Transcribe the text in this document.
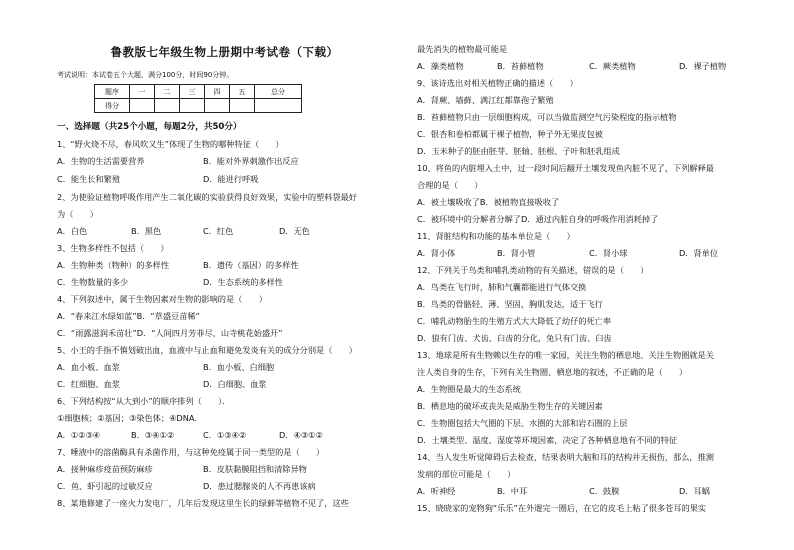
鲁教版七年级生物上册期中考试卷（下载）
考试说明：本试卷五个大题，满分100分，时间90分钟。
题序	一	二	三	四	五	总分
得分						
一、选择题（共25个小题，每题2分，共50分）
1、“野火烧不尽，春风吹又生”体现了生物的哪种特征（　　）
A．生物的生活需要营养	B．能对外界刺激作出反应
C．能生长和繁殖	D．能进行呼吸
2、为使验证植物呼吸作用产生二氧化碳的实验获得良好效果，实验中的塑料袋最好
为（　　）
A．白色	B．黑色	C．红色	D．无色
3、生物多样性不包括（　　）
A．生物种类（物种）的多样性	B．遗传（基因）的多样性
C．生物数量的多少	D．生态系统的多样性
4、下列叙述中，属于生物因素对生物的影响的是（　　）
A．“春来江水绿如蓝”B．“草盛豆苗稀”
C．“雨露滋润禾苗壮”D．“人间四月芳菲尽，山寺桃花始盛开”
5、小王的手指不慎划破出血，血液中与止血和避免发炎有关的成分分别是（　　）
A．血小板、血浆	B．血小板、白细胞
C．红细胞、血浆	D．白细胞、血浆
6、下列结构按“从大到小”的顺序排列（　　）．
①细胞核；②基因；③染色体；④DNA．
A．①②③④	B．③④①②	C．①③④②	D．④③①②
7、唾液中的溶菌酶具有杀菌作用，与这种免疫属于同一类型的是（　　）
A．接种麻疹疫苗预防麻疹	B．皮肤黏膜阻挡和清除异物
C．鱼、虾引起的过敏反应	D．患过腮腺炎的人不再患该病
8、某地修建了一座火力发电厂，几年后发现这里生长的绿藓等植物不见了，这些
最先消失的植物最可能是
A．藻类植物	B．苔藓植物	C．蕨类植物	D．裸子植物
9、该诗选出对相关植物正确的描述（　　）
A．肾蕨、墙藓、满江红都靠孢子繁殖
B．苔藓植物只由一层细胞构成，可以当做监测空气污染程度的指示植物
C．银杏和卷柏都属于裸子植物，种子外无果皮包被
D．玉米种子的胚由胚芽、胚轴、胚根、子叶和胚乳组成
10、将鱼的内脏埋入土中，过一段时间后翻开土壤发现鱼内脏不见了，下列解释最
合理的是（　　）
A．被土壤吸收了B．被植物直接吸收了
C．被环境中的分解者分解了D．通过内脏自身的呼吸作用消耗掉了
11、肾脏结构和功能的基本单位是（　　）
A．肾小体	B．肾小管	C．肾小球	D．肾单位
12、下列关于鸟类和哺乳类动物的有关描述，错误的是（　　）
A．鸟类在飞行时，肺和气囊都能进行气体交换
B．鸟类的骨骼轻、薄、坚固，胸肌发达，适于飞行
C．哺乳动物胎生的生殖方式大大降低了幼仔的死亡率
D．狼有门齿、犬齿、臼齿的分化，兔只有门齿、臼齿
13、地球是所有生物赖以生存的唯一家园，关注生物的栖息地、关注生物圈就是关
注人类自身的生存，下列有关生物圈、栖息地的叙述，不正确的是（　　）
A．生物圈是最大的生态系统
B．栖息地的破坏或丧失是威胁生物生存的关键因素
C．生物圈包括大气圈的下层、水圈的大部和岩石圈的上层
D．土壤类型、温度、湿度等环境因素，决定了各种栖息地有不同的特征
14、当人发生听觉障碍后去检查，结果表明大脑和耳的结构并无损伤，那么，推测
发病的部位可能是（　　）
A．听神经	B．中耳	C．鼓膜	D．耳蜗
15、晓晓家的宠物狗“乐乐”在外遛完一圈后，在它的皮毛上粘了很多苍耳的果实
